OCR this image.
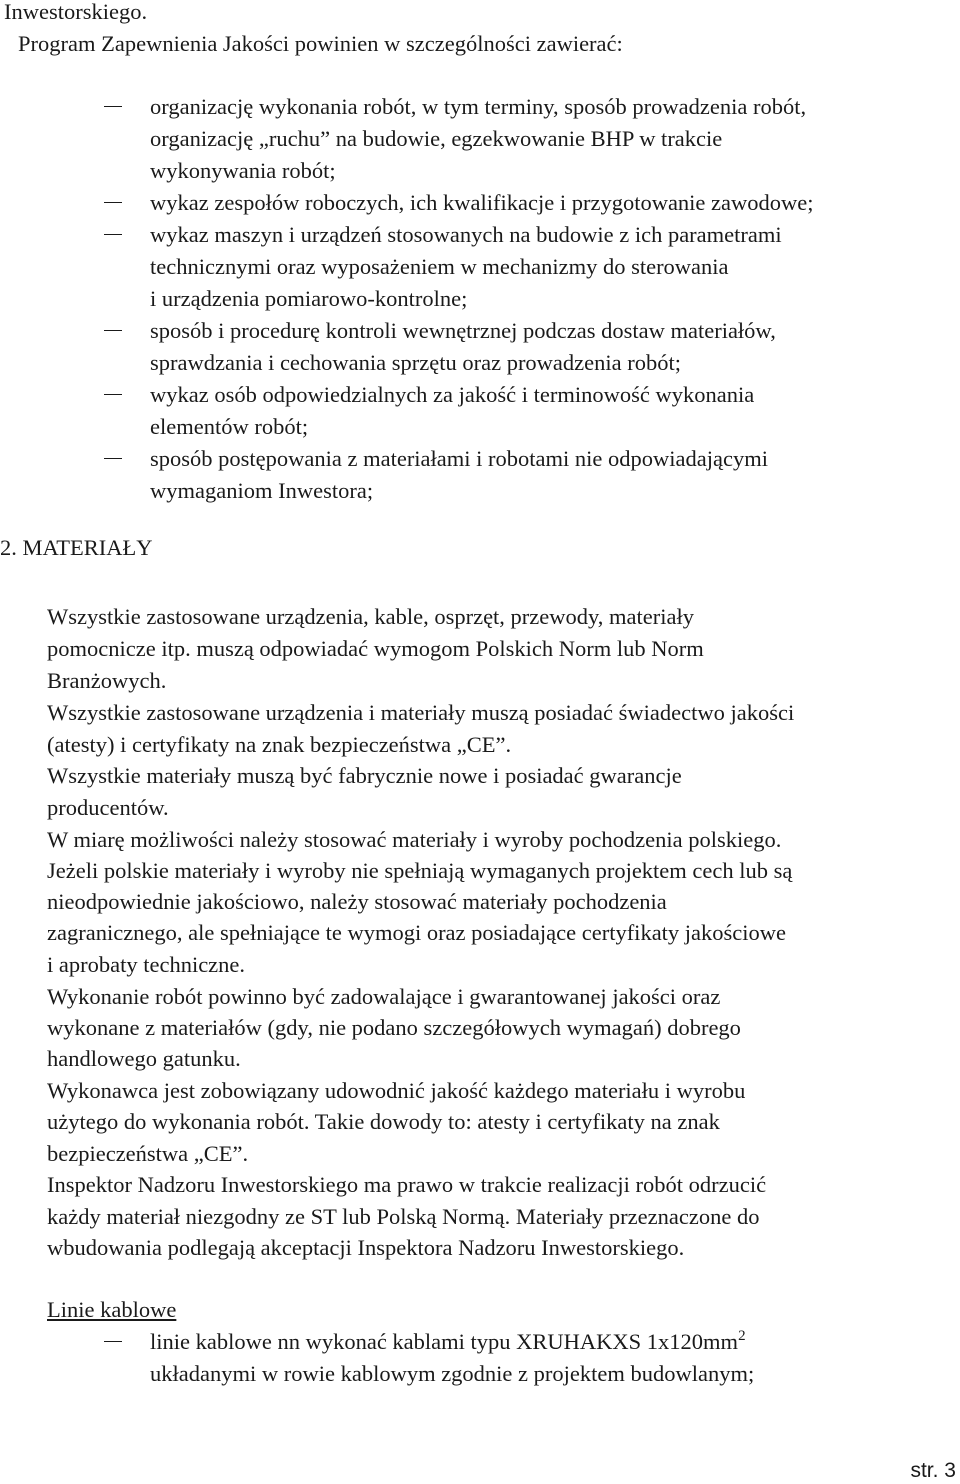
Inwestorskiego.
Program Zapewnienia Jakości powinien w szczególności zawierać:
organizację wykonania robót, w tym terminy, sposób prowadzenia robót,
organizację „ruchu” na budowie, egzekwowanie BHP w trakcie
wykonywania robót;
wykaz zespołów roboczych, ich kwalifikacje i przygotowanie zawodowe;
wykaz maszyn i urządzeń stosowanych na budowie z ich parametrami
technicznymi oraz wyposażeniem w mechanizmy do sterowania
i urządzenia pomiarowo-kontrolne;
sposób i procedurę kontroli wewnętrznej podczas dostaw materiałów,
sprawdzania i cechowania sprzętu oraz prowadzenia robót;
wykaz osób odpowiedzialnych za jakość i terminowość wykonania
elementów robót;
sposób postępowania z materiałami i robotami nie odpowiadającymi
wymaganiom Inwestora;
2. MATERIAŁY
Wszystkie zastosowane urządzenia, kable, osprzęt, przewody, materiały
pomocnicze itp. muszą odpowiadać wymogom Polskich Norm lub Norm
Branżowych.
Wszystkie zastosowane urządzenia i materiały muszą posiadać świadectwo jakości
(atesty) i certyfikaty na znak bezpieczeństwa „CE”.
Wszystkie materiały muszą być fabrycznie nowe i posiadać gwarancje
producentów.
W miarę możliwości należy stosować materiały i wyroby pochodzenia polskiego.
Jeżeli polskie materiały i wyroby nie spełniają wymaganych projektem cech lub są
nieodpowiednie jakościowo, należy stosować materiały pochodzenia
zagranicznego, ale spełniające te wymogi oraz posiadające certyfikaty jakościowe
i aprobaty techniczne.
Wykonanie robót powinno być zadowalające i gwarantowanej jakości oraz
wykonane z materiałów (gdy, nie podano szczegółowych wymagań) dobrego
handlowego gatunku.
Wykonawca jest zobowiązany udowodnić jakość każdego materiału i wyrobu
użytego do wykonania robót. Takie dowody to: atesty i certyfikaty na znak
bezpieczeństwa „CE”.
Inspektor Nadzoru Inwestorskiego ma prawo w trakcie realizacji robót odrzucić
każdy materiał niezgodny ze ST lub Polską Normą. Materiały przeznaczone do
wbudowania podlegają akceptacji Inspektora Nadzoru Inwestorskiego.
Linie kablowe
linie kablowe nn wykonać kablami typu XRUHAKXS $1x120mm^2$
układanymi w rowie kablowym zgodnie z projektem budowlanym;
str. 3
